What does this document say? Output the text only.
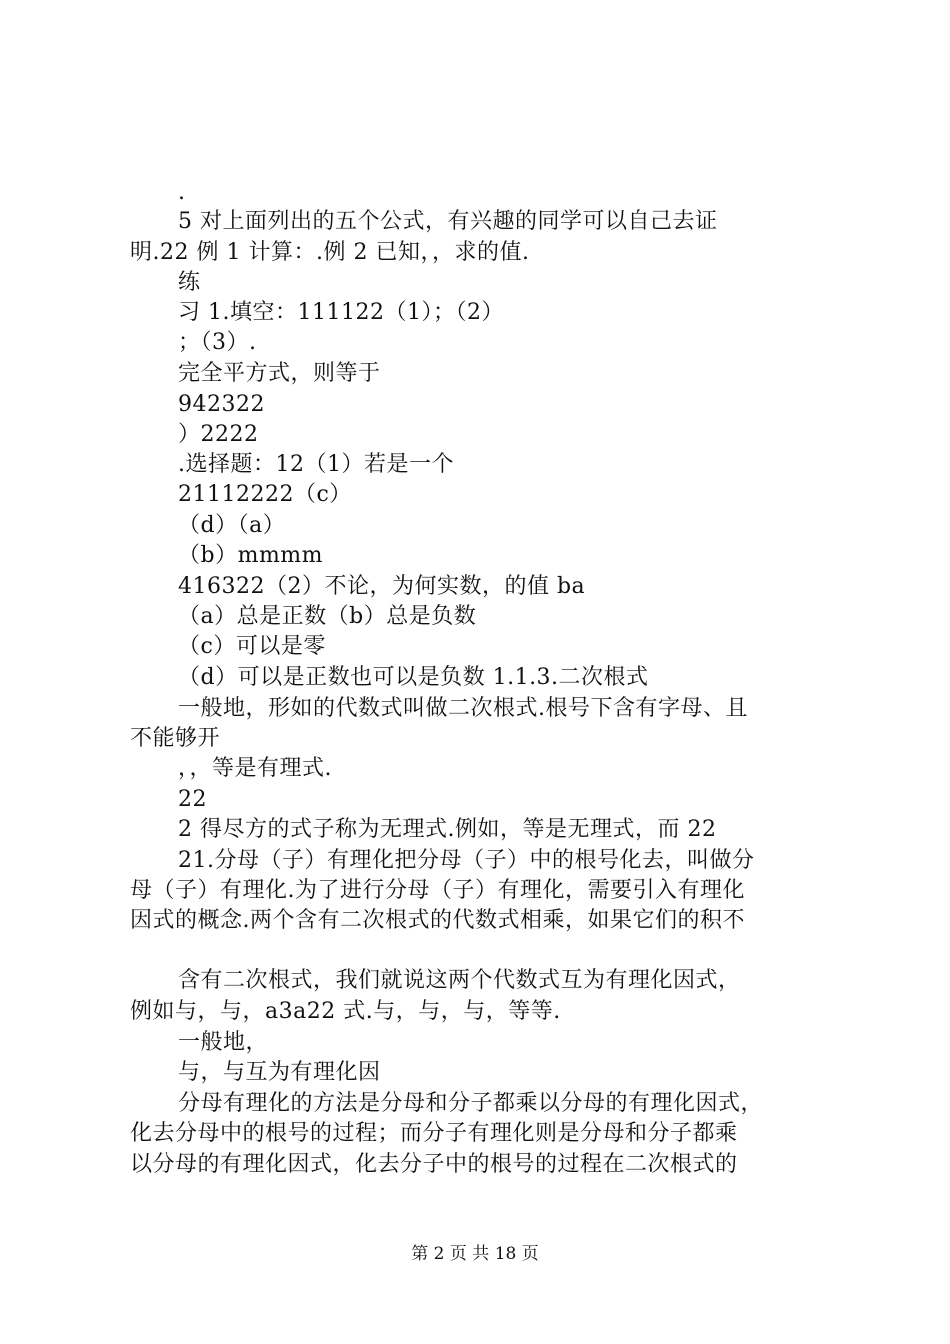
.
5 对上面列出的五个公式，有兴趣的同学可以自己去证
明.22 例 1 计算：.例 2 已知，，求的值.
练
习 1.填空：111122（1）；（2）
；（3）.
完全平方式，则等于
942322
）2222
.选择题：12（1）若是一个
21112222（c）
（d）（a）
（b）mmmm
416322（2）不论，为何实数，的值 ba
（a）总是正数（b）总是负数
（c）可以是零
（d）可以是正数也可以是负数 1.1.3.二次根式
一般地，形如的代数式叫做二次根式.根号下含有字母、且
不能够开
，，等是有理式.
22
2 得尽方的式子称为无理式.例如，等是无理式，而 22
21.分母（子）有理化把分母（子）中的根号化去，叫做分
母（子）有理化.为了进行分母（子）有理化，需要引入有理化
因式的概念.两个含有二次根式的代数式相乘，如果它们的积不
含有二次根式，我们就说这两个代数式互为有理化因式，
例如与，与，a3a22 式.与，与，与，等等.
一般地，
与，与互为有理化因
分母有理化的方法是分母和分子都乘以分母的有理化因式，
化去分母中的根号的过程；而分子有理化则是分母和分子都乘
以分母的有理化因式，化去分子中的根号的过程在二次根式的
第 2 页 共 18 页
